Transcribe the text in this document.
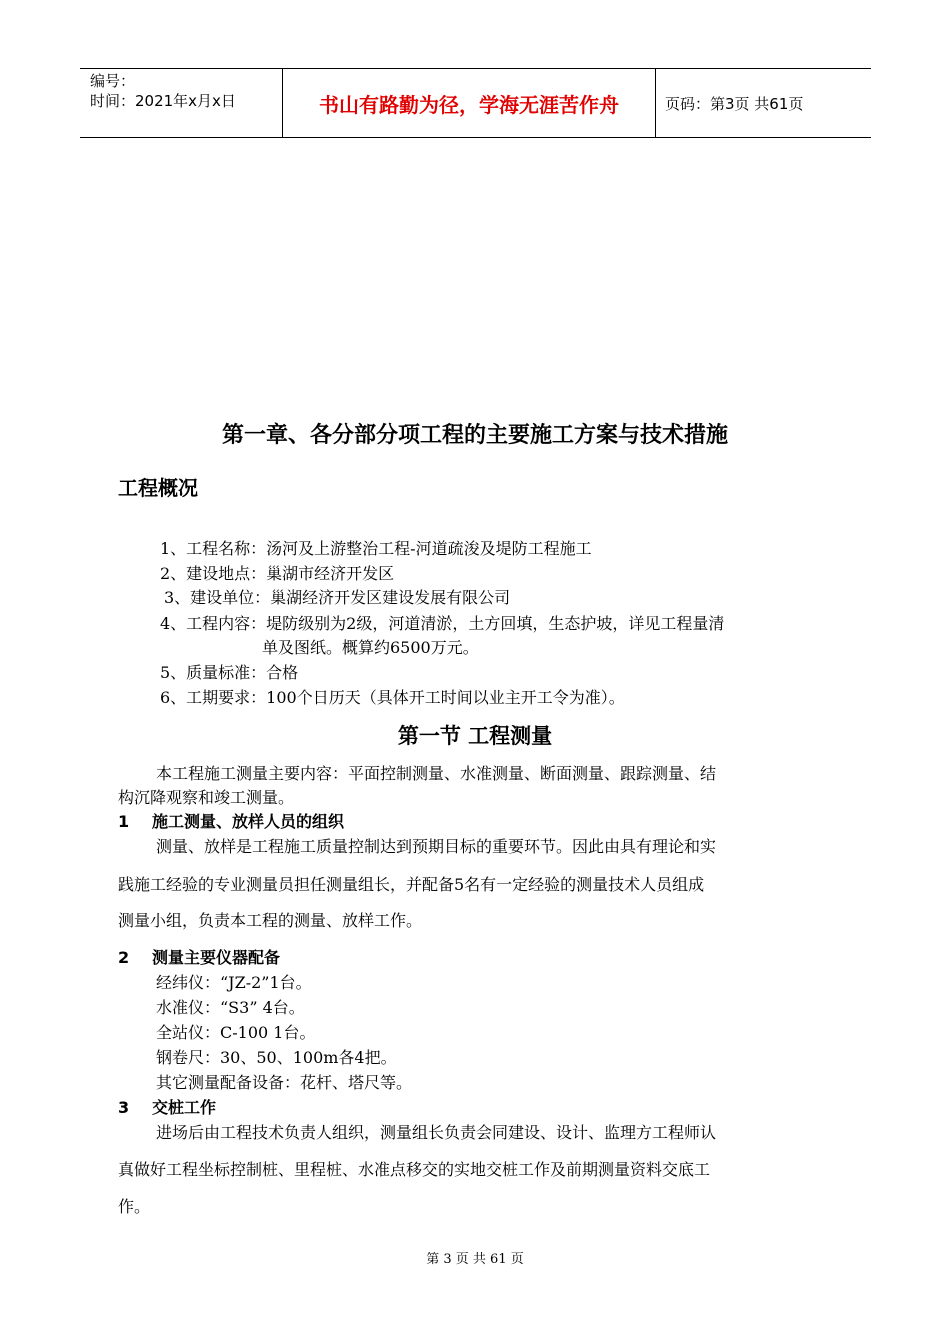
编号：
时间：2021年x月x日	书山有路勤为径，学海无涯苦作舟	页码：第3页 共61页
第一章、各分部分项工程的主要施工方案与技术措施
工程概况
1、工程名称：汤河及上游整治工程-河道疏浚及堤防工程施工
2、建设地点：巢湖市经济开发区
3、建设单位：巢湖经济开发区建设发展有限公司
4、工程内容：堤防级别为2级，河道清淤，土方回填，生态护坡，详见工程量清
单及图纸。概算约6500万元。
5、质量标准：合格
6、工期要求：100个日历天（具体开工时间以业主开工令为准）。
第一节 工程测量
本工程施工测量主要内容：平面控制测量、水准测量、断面测量、跟踪测量、结
构沉降观察和竣工测量。
1 施工测量、放样人员的组织
测量、放样是工程施工质量控制达到预期目标的重要环节。因此由具有理论和实
践施工经验的专业测量员担任测量组长，并配备5名有一定经验的测量技术人员组成
测量小组，负责本工程的测量、放样工作。
2 测量主要仪器配备
经纬仪：“JZ-2”1台。
水准仪：“S3” 4台。
全站仪：C-100 1台。
钢卷尺：30、50、100m各4把。
其它测量配备设备：花杆、塔尺等。
3 交桩工作
进场后由工程技术负责人组织，测量组长负责会同建设、设计、监理方工程师认
真做好工程坐标控制桩、里程桩、水准点移交的实地交桩工作及前期测量资料交底工
作。
第 3 页 共 61 页
